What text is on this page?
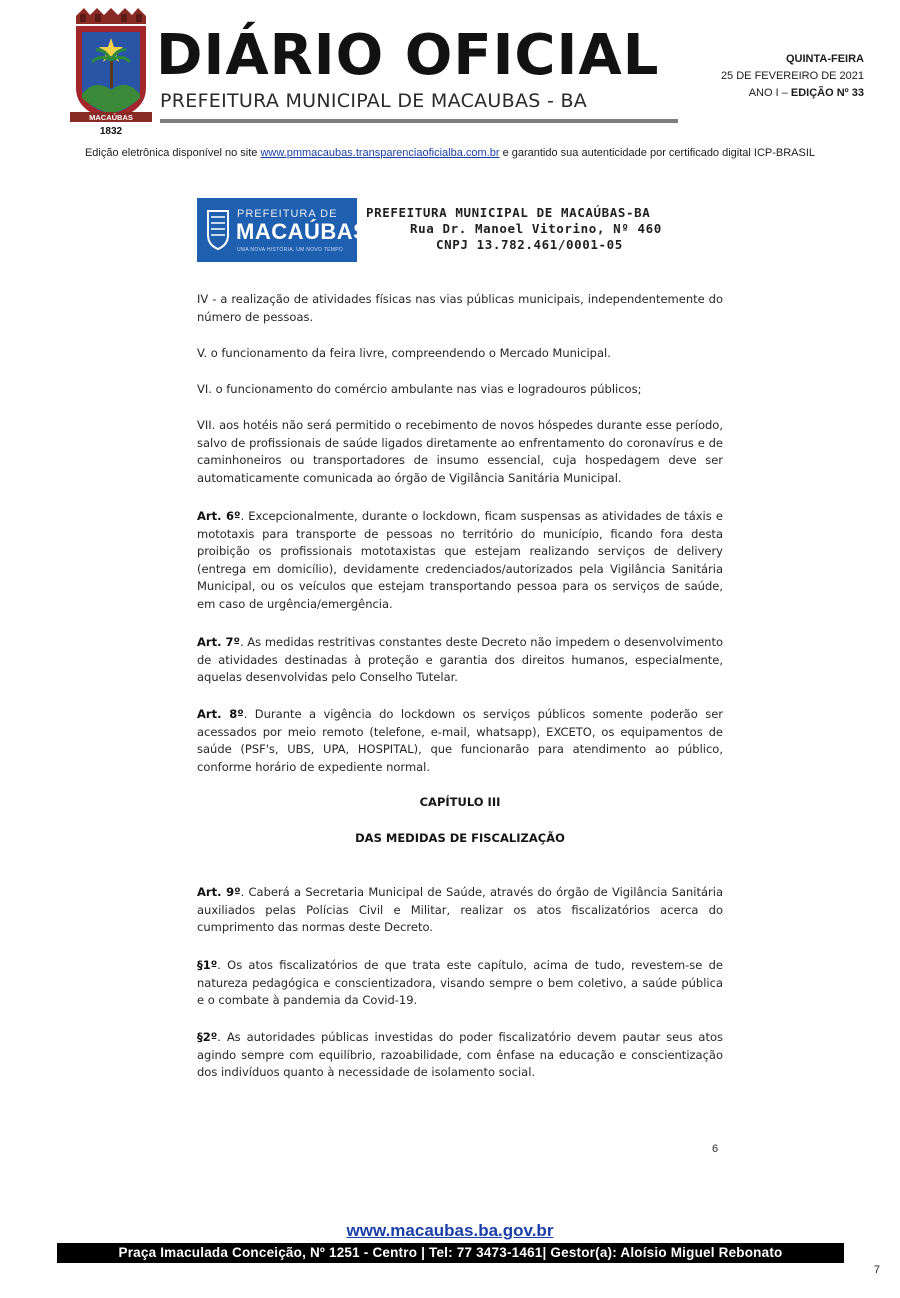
MACAÚBAS
1832
DIÁRIO OFICIAL
PREFEITURA MUNICIPAL DE MACAUBAS - BA
QUINTA-FEIRA
25 DE FEVEREIRO DE 2021
ANO I – EDIÇÃO Nº 33
Edição eletrônica disponível no site www.pmmacaubas.transparenciaoficialba.com.br e garantido sua autenticidade por certificado digital ICP-BRASIL
PREFEITURA DE
MACAÚBAS
UMA NOVA HISTÓRIA, UM NOVO TEMPO
PREFEITURA MUNICIPAL DE MACAÚBAS-BA
Rua Dr. Manoel Vitorino, Nº 460
CNPJ 13.782.461/0001-05
IV - a realização de atividades físicas nas vias públicas municipais, independentemente do número de pessoas.
V. o funcionamento da feira livre, compreendendo o Mercado Municipal.
VI. o funcionamento do comércio ambulante nas vias e logradouros públicos;
VII. aos hotéis não será permitido o recebimento de novos hóspedes durante esse período, salvo de profissionais de saúde ligados diretamente ao enfrentamento do coronavírus e de caminhoneiros ou transportadores de insumo essencial, cuja hospedagem deve ser automaticamente comunicada ao órgão de Vigilância Sanitária Municipal.
Art. 6º. Excepcionalmente, durante o lockdown, ficam suspensas as atividades de táxis e mototaxis para transporte de pessoas no território do município, ficando fora desta proibição os profissionais mototaxistas que estejam realizando serviços de delivery (entrega em domicílio), devidamente credenciados/autorizados pela Vigilância Sanitária Municipal, ou os veículos que estejam transportando pessoa para os serviços de saúde, em caso de urgência/emergência.
Art. 7º. As medidas restritivas constantes deste Decreto não impedem o desenvolvimento de atividades destinadas à proteção e garantia dos direitos humanos, especialmente, aquelas desenvolvidas pelo Conselho Tutelar.
Art. 8º. Durante a vigência do lockdown os serviços públicos somente poderão ser acessados por meio remoto (telefone, e-mail, whatsapp), EXCETO, os equipamentos de saúde (PSF's, UBS, UPA, HOSPITAL), que funcionarão para atendimento ao público, conforme horário de expediente normal.
CAPÍTULO III
DAS MEDIDAS DE FISCALIZAÇÃO
Art. 9º. Caberá a Secretaria Municipal de Saúde, através do órgão de Vigilância Sanitária auxiliados pelas Polícias Civil e Militar, realizar os atos fiscalizatórios acerca do cumprimento das normas deste Decreto.
§1º. Os atos fiscalizatórios de que trata este capítulo, acima de tudo, revestem-se de natureza pedagógica e conscientizadora, visando sempre o bem coletivo, a saúde pública e o combate à pandemia da Covid-19.
§2º. As autoridades públicas investidas do poder fiscalizatório devem pautar seus atos agindo sempre com equilíbrio, razoabilidade, com ênfase na educação e conscientização dos indivíduos quanto à necessidade de isolamento social.
6
www.macaubas.ba.gov.br
Praça Imaculada Conceição, Nº 1251 - Centro | Tel: 77 3473-1461| Gestor(a): Aloísio Miguel Rebonato
7
